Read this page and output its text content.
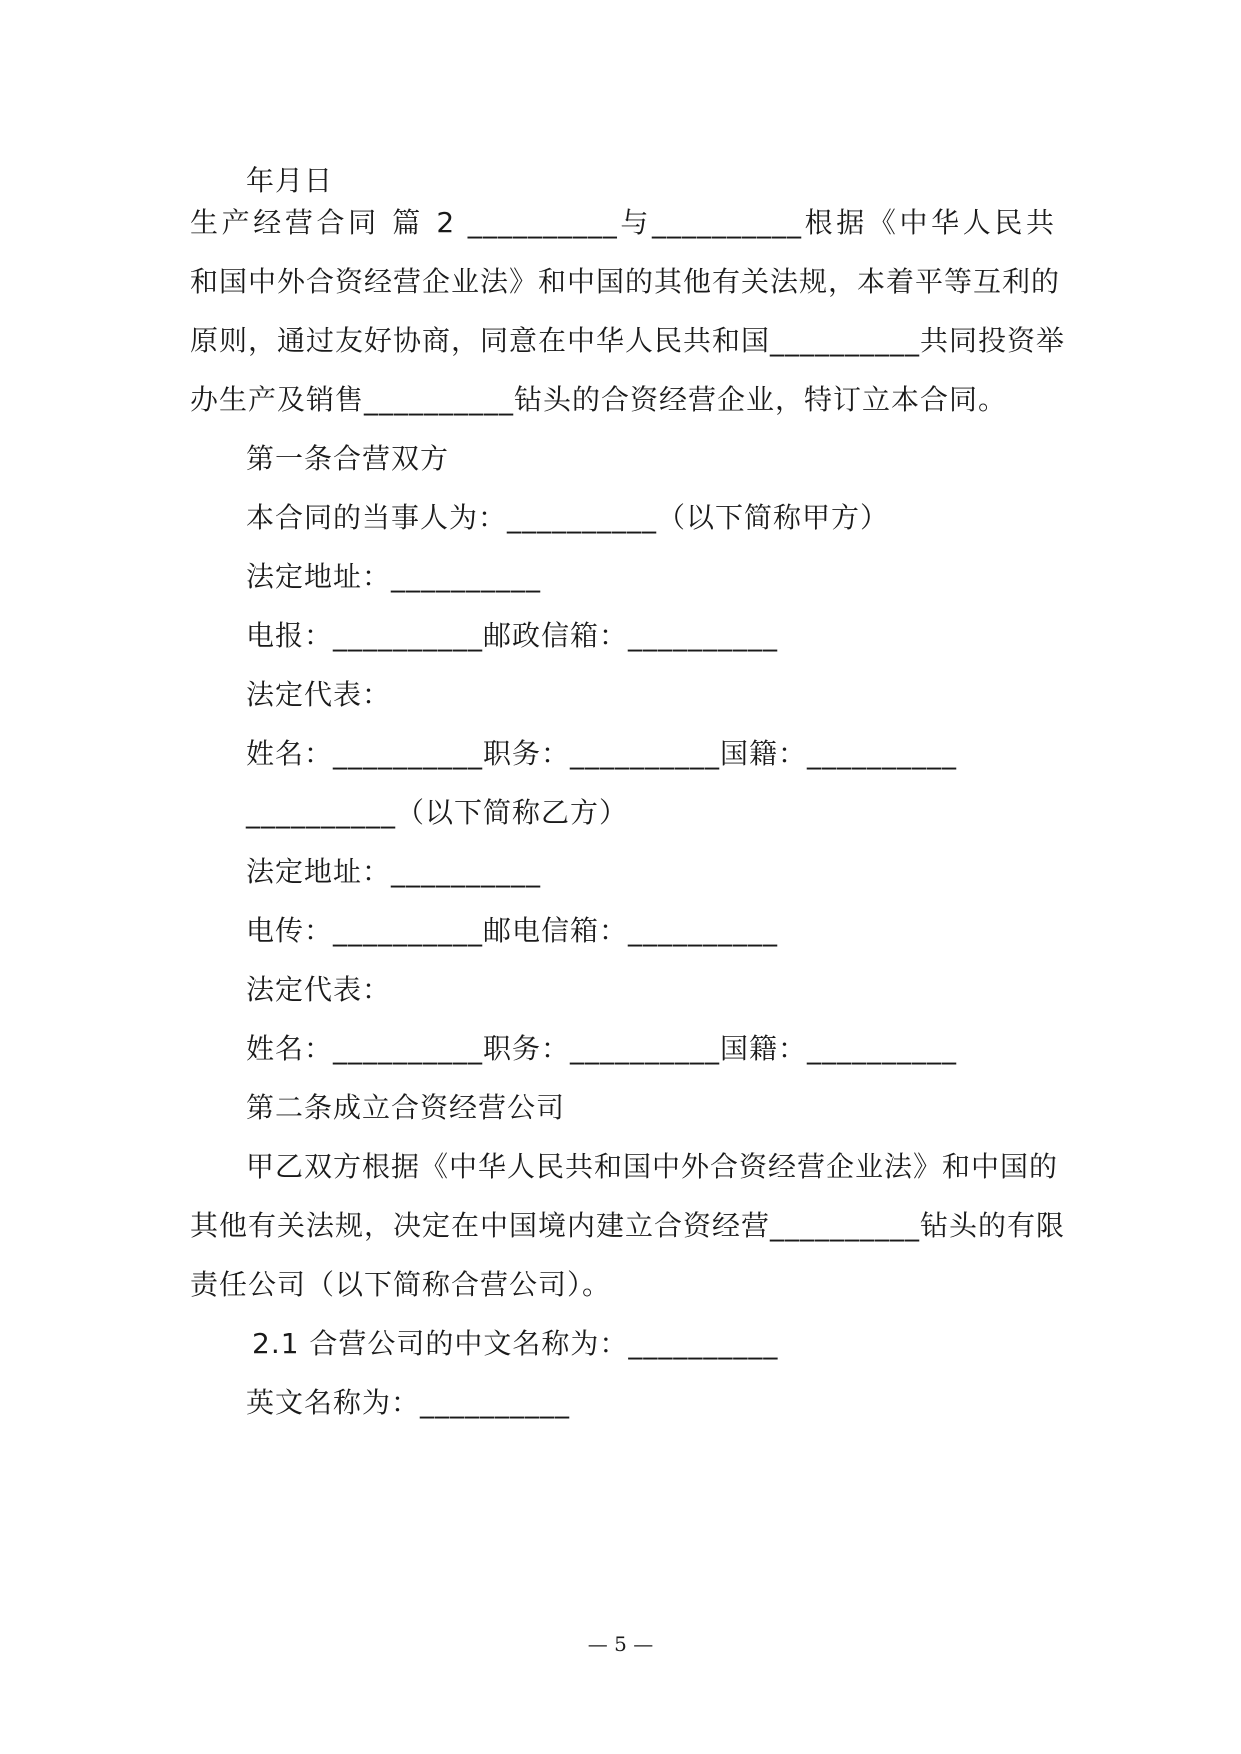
年月日
生产经营合同 篇 2 __________与__________根据《中华人民共
和国中外合资经营企业法》和中国的其他有关法规，本着平等互利的
原则，通过友好协商，同意在中华人民共和国__________共同投资举
办生产及销售__________钻头的合资经营企业，特订立本合同。
第一条合营双方
本合同的当事人为：__________（以下简称甲方）
法定地址：__________
电报：__________邮政信箱：__________
法定代表：
姓名：__________职务：__________国籍：__________
__________（以下简称乙方）
法定地址：__________
电传：__________邮电信箱：__________
法定代表：
姓名：__________职务：__________国籍：__________
第二条成立合资经营公司
甲乙双方根据《中华人民共和国中外合资经营企业法》和中国的
其他有关法规，决定在中国境内建立合资经营__________钻头的有限
责任公司（以下简称合营公司）。
2.1 合营公司的中文名称为：__________
英文名称为：__________
— 5 —
